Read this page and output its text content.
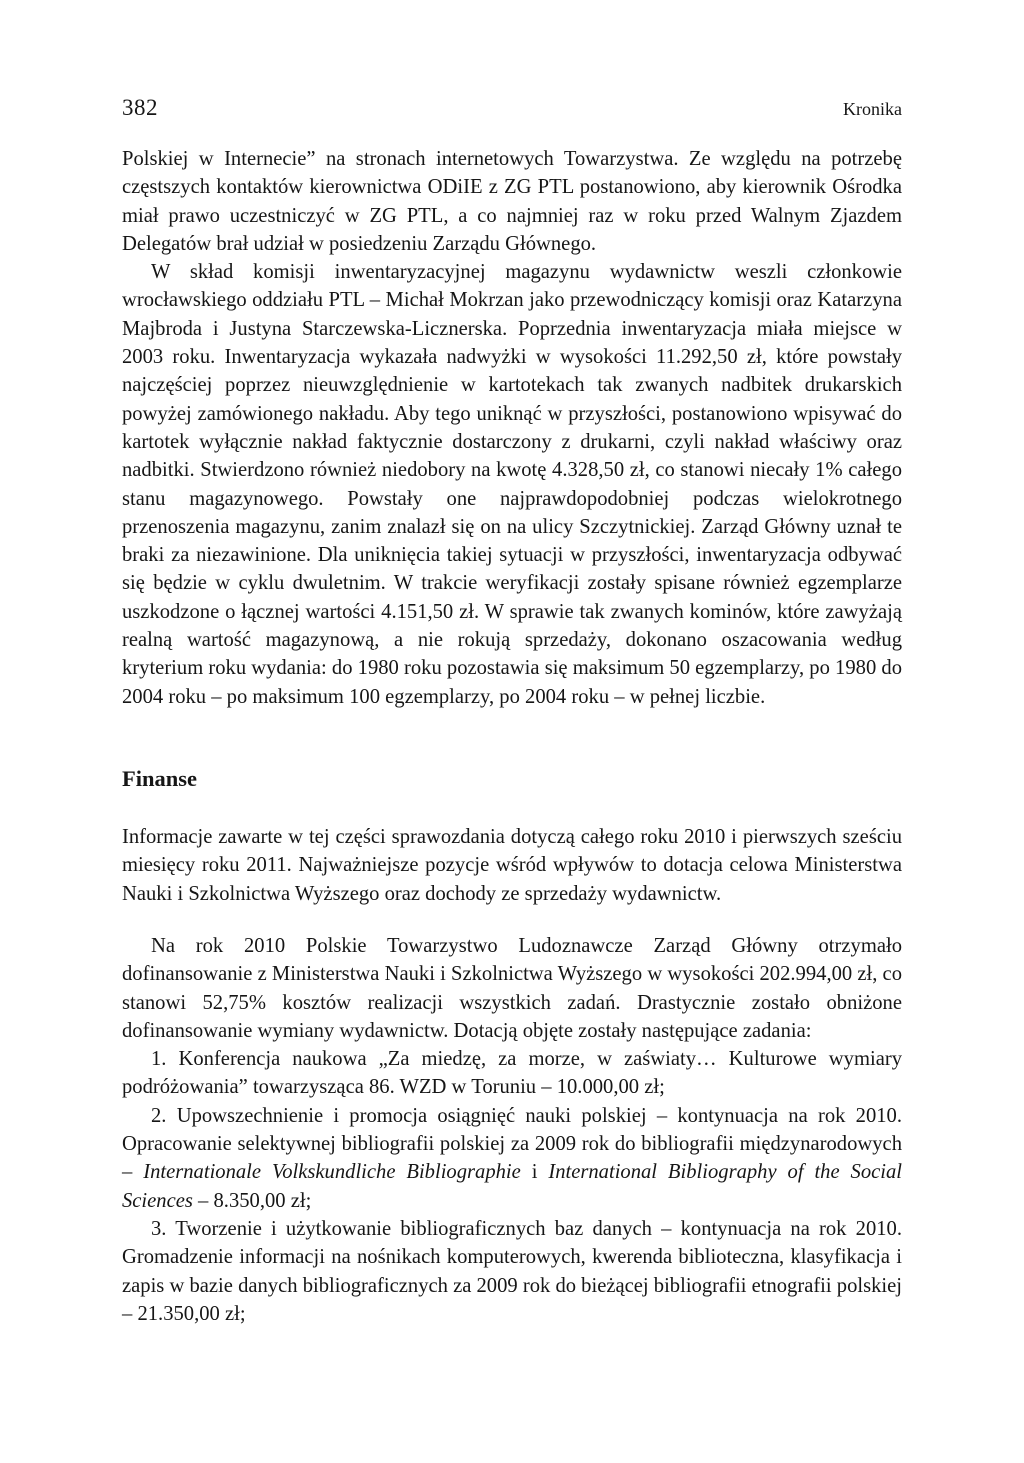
382	Kronika

Polskiej w Internecie” na stronach internetowych Towarzystwa. Ze względu na potrzebę częstszych kontaktów kierownictwa ODiIE z ZG PTL postanowiono, aby kierownik Ośrodka miał prawo uczestniczyć w ZG PTL, a co najmniej raz w roku przed Walnym Zjazdem Delegatów brał udział w posiedzeniu Zarządu Głównego.

W skład komisji inwentaryzacyjnej magazynu wydawnictw weszli członkowie wrocławskiego oddziału PTL – Michał Mokrzan jako przewodniczący komisji oraz Katarzyna Majbroda i Justyna Starczewska-Licznerska. Poprzednia inwentaryzacja miała miejsce w 2003 roku. Inwentaryzacja wykazała nadwyżki w wysokości 11.292,50 zł, które powstały najczęściej poprzez nieuwzględnienie w kartotekach tak zwanych nadbitek drukarskich powyżej zamówionego nakładu. Aby tego uniknąć w przyszłości, postanowiono wpisywać do kartotek wyłącznie nakład faktycznie dostarczony z drukarni, czyli nakład właściwy oraz nadbitki. Stwierdzono również niedobory na kwotę 4.328,50 zł, co stanowi niecały 1% całego stanu magazynowego. Powstały one najprawdopodobniej podczas wielokrotnego przenoszenia magazynu, zanim znalazł się on na ulicy Szczytnickiej. Zarząd Główny uznał te braki za niezawinione. Dla uniknięcia takiej sytuacji w przyszłości, inwentaryzacja odbywać się będzie w cyklu dwuletnim. W trakcie weryfikacji zostały spisane również egzemplarze uszkodzone o łącznej wartości 4.151,50 zł. W sprawie tak zwanych kominów, które zawyżają realną wartość magazynową, a nie rokują sprzedaży, dokonano oszacowania według kryterium roku wydania: do 1980 roku pozostawia się maksimum 50 egzemplarzy, po 1980 do 2004 roku – po maksimum 100 egzemplarzy, po 2004 roku – w pełnej liczbie.

Finanse

Informacje zawarte w tej części sprawozdania dotyczą całego roku 2010 i pierwszych sześciu miesięcy roku 2011. Najważniejsze pozycje wśród wpływów to dotacja celowa Ministerstwa Nauki i Szkolnictwa Wyższego oraz dochody ze sprzedaży wydawnictw.

Na rok 2010 Polskie Towarzystwo Ludoznawcze Zarząd Główny otrzymało dofinansowanie z Ministerstwa Nauki i Szkolnictwa Wyższego w wysokości 202.994,00 zł, co stanowi 52,75% kosztów realizacji wszystkich zadań. Drastycznie zostało obniżone dofinansowanie wymiany wydawnictw. Dotacją objęte zostały następujące zadania:

1. Konferencja naukowa „Za miedzę, za morze, w zaświaty… Kulturowe wymiary podróżowania” towarzysząca 86. WZD w Toruniu – 10.000,00 zł;

2. Upowszechnienie i promocja osiągnięć nauki polskiej – kontynuacja na rok 2010. Opracowanie selektywnej bibliografii polskiej za 2009 rok do bibliografii międzynarodowych – Internationale Volkskundliche Bibliographie i International Bibliography of the Social Sciences – 8.350,00 zł;

3. Tworzenie i użytkowanie bibliograficznych baz danych – kontynuacja na rok 2010. Gromadzenie informacji na nośnikach komputerowych, kwerenda biblioteczna, klasyfikacja i zapis w bazie danych bibliograficznych za 2009 rok do bieżącej bibliografii etnografii polskiej – 21.350,00 zł;
